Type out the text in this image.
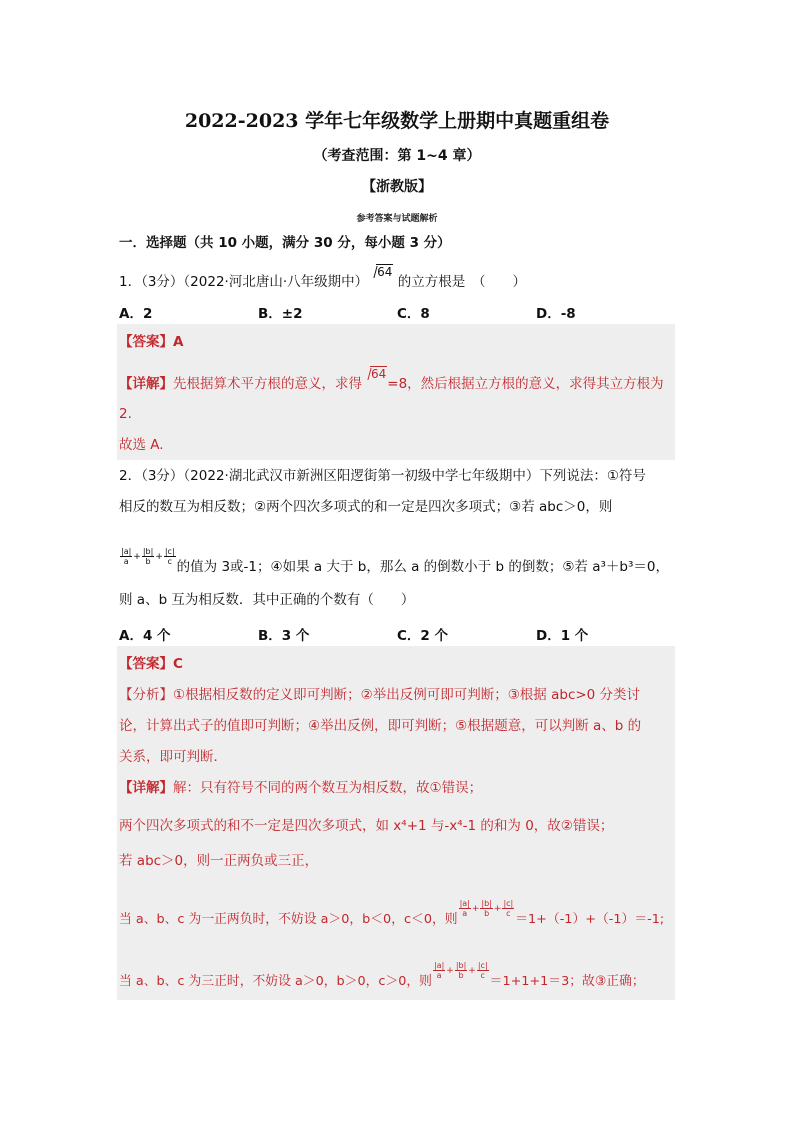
2022-2023 学年七年级数学上册期中真题重组卷
（考查范围：第 1~4 章）
【浙教版】
参考答案与试题解析
一．选择题（共 10 小题，满分 30 分，每小题 3 分）
1．（3分）（2022·河北唐山·八年级期中）64 的立方根是　（　　）
A．2	B．±2	C．8	D．-8
【答案】A
【详解】先根据算术平方根的意义，求得64=8，然后根据立方根的意义，求得其立方根为
2.
故选 A.
2．（3分）（2022·湖北武汉市新洲区阳逻街第一初级中学七年级期中）下列说法：①符号
相反的数互为相反数；②两个四次多项式的和一定是四次多项式；③若 abc＞0，则
$\frac{|a|}{a} + \frac{|b|}{b} + \frac{|c|}{c}$
的值为 3或-1；④如果 a 大于 b，那么 a 的倒数小于 b 的倒数；⑤若 a³＋b³＝0，
则 a、b 互为相反数．其中正确的个数有（　　）
A．4 个	B．3 个	C．2 个	D．1 个
【答案】C
【分析】①根据相反数的定义即可判断；②举出反例可即可判断；③根据 abc>0 分类讨
论，计算出式子的值即可判断；④举出反例，即可判断；⑤根据题意，可以判断 a、b 的
关系，即可判断．
【详解】解：只有符号不同的两个数互为相反数，故①错误；
两个四次多项式的和不一定是四次多项式，如 x⁴+1 与-x⁴-1 的和为 0，故②错误；
若 abc＞0，则一正两负或三正，
当 a、b、c 为一正两负时，不妨设 a＞0，b＜0，c＜0，则
$\frac{|a|}{a} + \frac{|b|}{b} + \frac{|c|}{c}$
＝1+（-1）+（-1）＝-1;
当 a、b、c 为三正时，不妨设 a＞0，b＞0，c＞0，则
$\frac{|a|}{a} + \frac{|b|}{b} + \frac{|c|}{c}$
＝1+1+1＝3；故③正确；
